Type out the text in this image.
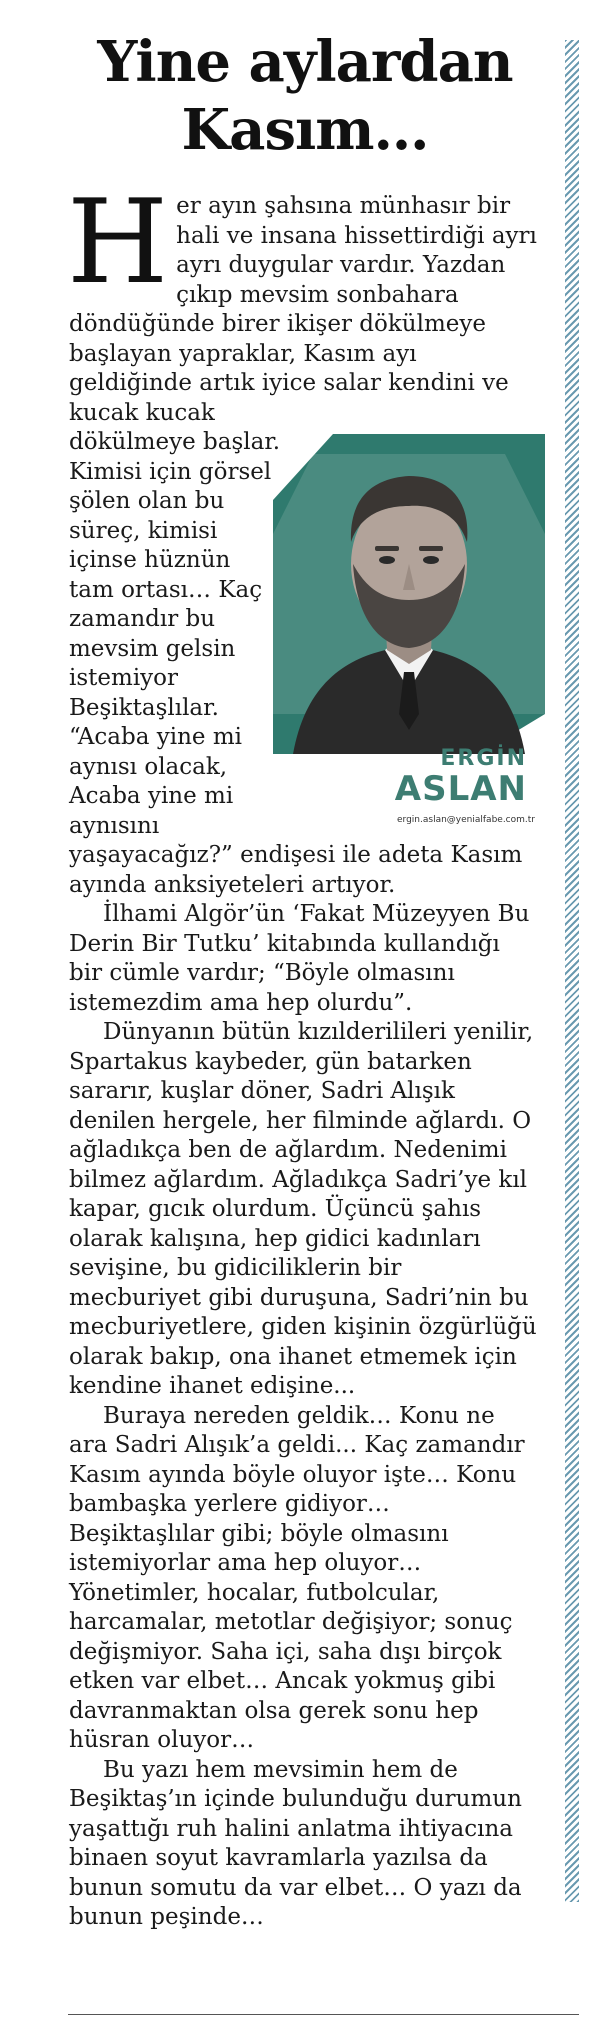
Yine aylardan
Kasım…

H
ERGİN
ASLAN
ergin.aslan@yenialfabe.com.tr
er ayın şahsına münhasır bir hali ve insana hissettirdiği ayrı ayrı duygular vardır. Yazdan çıkıp mevsim sonbahara döndüğünde birer ikişer dökülmeye başlayan yapraklar, Kasım ayı geldiğinde artık iyice salar kendini ve kucak kucak dökülmeye başlar. Kimisi için görsel şölen olan bu süreç, kimisi içinse hüznün tam ortası… Kaç zamandır bu mevsim gelsin istemiyor Beşiktaşlılar. “Acaba yine mi aynısı olacak, Acaba yine mi aynısını yaşayacağız?” endişesi ile adeta Kasım ayında anksiyeteleri artıyor.

İlhami Algör’ün ‘Fakat Müzeyyen Bu Derin Bir Tutku’ kitabında kullandığı bir cümle vardır; “Böyle olmasını istemezdim ama hep olurdu”.

Dünyanın bütün kızılderilileri yenilir, Spartakus kaybeder, gün batarken sararır, kuşlar döner, Sadri Alışık denilen hergele, her filminde ağlardı. O ağladıkça ben de ağlardım. Nedenimi bilmez ağlardım. Ağladıkça Sadri’ye kıl kapar, gıcık olurdum. Üçüncü şahıs olarak kalışına, hep gidici kadınları sevişine, bu gidiciliklerin bir mecburiyet gibi duruşuna, Sadri’nin bu mecburiyetlere, giden kişinin özgürlüğü olarak bakıp, ona ihanet etmemek için kendine ihanet edişine...

Buraya nereden geldik… Konu ne ara Sadri Alışık’a geldi... Kaç zamandır Kasım ayında böyle oluyor işte… Konu bambaşka yerlere gidiyor… Beşiktaşlılar gibi; böyle olmasını istemiyorlar ama hep oluyor… Yönetimler, hocalar, futbolcular, harcamalar, metotlar değişiyor; sonuç değişmiyor. Saha içi, saha dışı birçok etken var elbet… Ancak yokmuş gibi davranmaktan olsa gerek sonu hep hüsran oluyor…

Bu yazı hem mevsimin hem de Beşiktaş’ın içinde bulunduğu durumun yaşattığı ruh halini anlatma ihtiyacına binaen soyut kavramlarla yazılsa da bunun somutu da var elbet… O yazı da bunun peşinde…
